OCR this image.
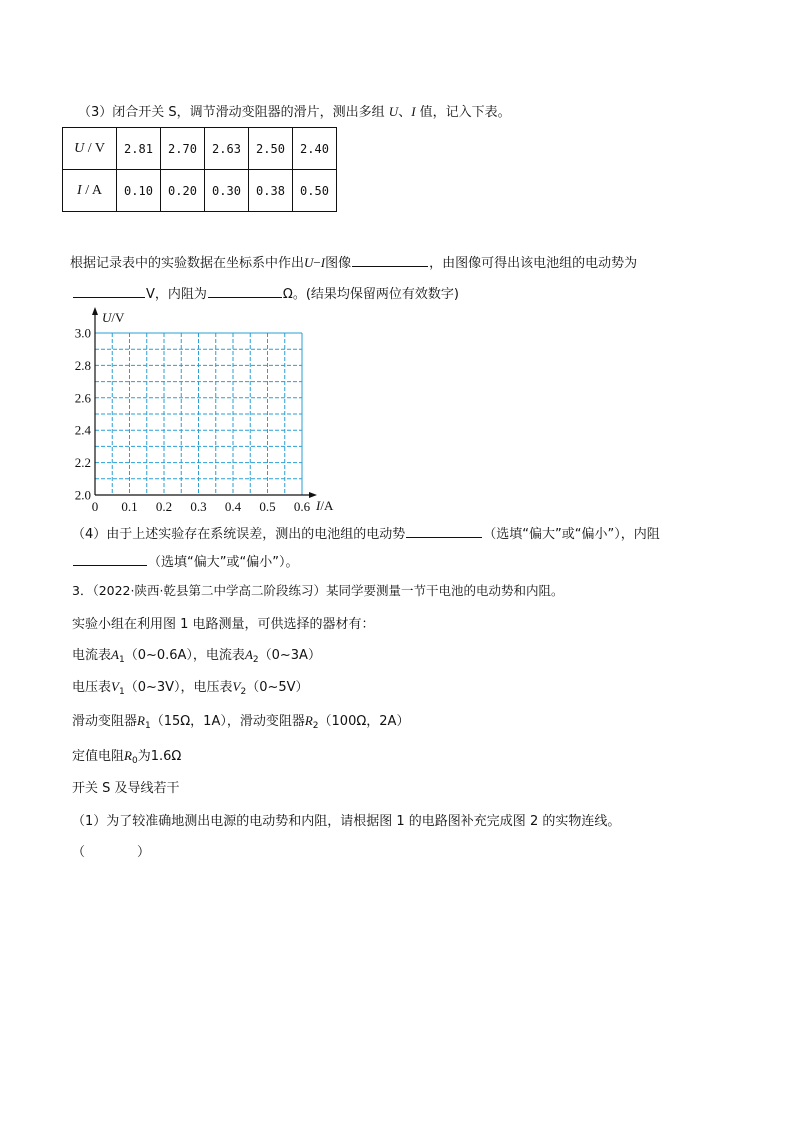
（3）闭合开关 S，调节滑动变阻器的滑片，测出多组 U、I 值，记入下表。
U / V	2.81	2.70	2.63	2.50	2.40
I / A	0.10	0.20	0.30	0.38	0.50
根据记录表中的实验数据在坐标系中作出U−I图像	，由图像可得出该电池组的电动势为
V，内阻为	Ω。(结果均保留两位有效数字)
U/V
I/A
3.0
2.8
2.6
2.4
2.2
2.0
0 0.1 0.2 0.3 0.4 0.5 0.6
（4）由于上述实验存在系统误差，测出的电池组的电动势	（选填“偏大”或“偏小”），内阻
（选填“偏大”或“偏小”）。
3．（2022·陕西·乾县第二中学高二阶段练习）某同学要测量一节干电池的电动势和内阻。
实验小组在利用图 1 电路测量，可供选择的器材有：
电流表$A_1(0\sim 0.6A)$，电流表$A_2(0\sim 3A)$
电压表$V_1(0\sim 3V)$，电压表$V_2(0\sim 5V)$
滑动变阻器$R_1(15\Omega$，1A），滑动变阻器$R_2(100\Omega$，2A）
定值电阻$R_0$为1.6Ω
开关 S 及导线若干
（1）为了较准确地测出电源的电动势和内阻，请根据图 1 的电路图补充完成图 2 的实物连线。
（	）
